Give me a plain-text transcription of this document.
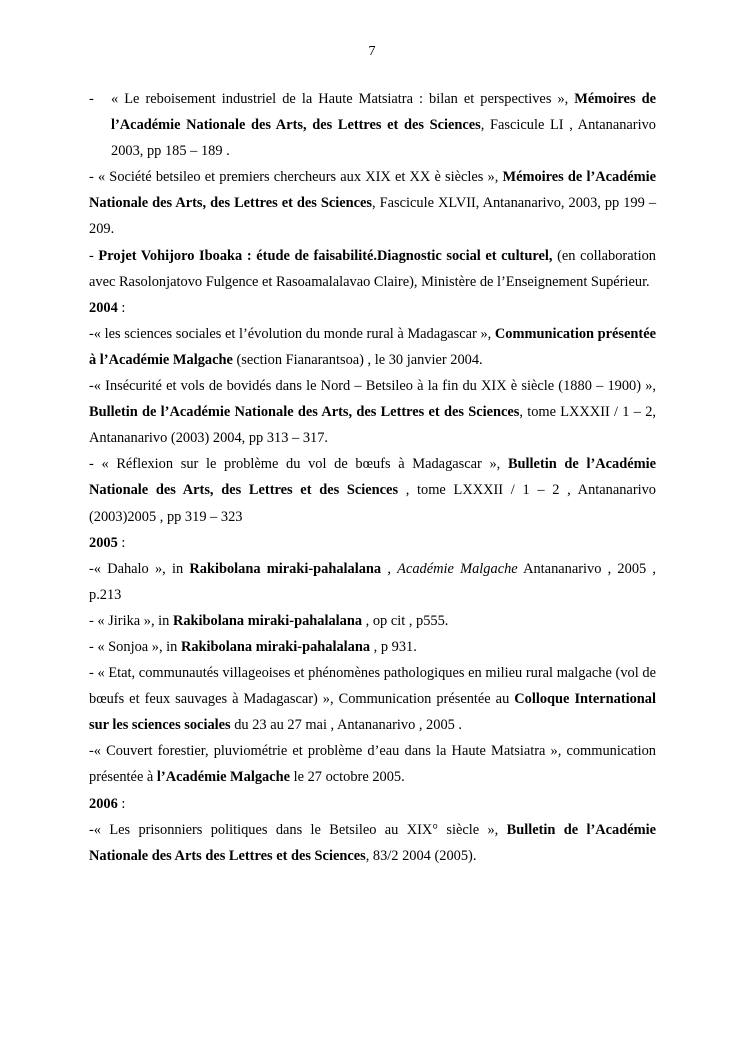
7
-	« Le reboisement industriel de la Haute Matsiatra : bilan et perspectives », Mémoires de l’Académie Nationale des Arts, des Lettres et des Sciences, Fascicule LI , Antananarivo 2003, pp 185 – 189 .

- « Société betsileo et premiers chercheurs aux XIX et XX è siècles », Mémoires de l’Académie Nationale des Arts, des Lettres et des Sciences, Fascicule XLVII, Antananarivo, 2003, pp 199 – 209.

- Projet Vohijoro Iboaka : étude de faisabilité.Diagnostic social et culturel, (en collaboration avec Rasolonjatovo Fulgence et Rasoamalalavao Claire), Ministère de l’Enseignement Supérieur.

2004 :

-« les sciences sociales et l’évolution du monde rural à Madagascar », Communication présentée à l’Académie Malgache (section Fianarantsoa) , le 30 janvier 2004.

-« Insécurité et vols de bovidés dans le Nord – Betsileo à la fin du XIX è siècle (1880 – 1900) », Bulletin de l’Académie Nationale des Arts, des Lettres et des Sciences, tome LXXXII / 1 – 2, Antananarivo (2003) 2004, pp 313 – 317.

- « Réflexion sur le problème du vol de bœufs à Madagascar », Bulletin de l’Académie Nationale des Arts, des Lettres et des Sciences , tome LXXXII / 1 – 2 , Antananarivo (2003)2005 , pp 319 – 323

2005 :

-« Dahalo », in Rakibolana miraki-pahalalana , Académie Malgache Antananarivo , 2005 , p.213

- « Jirika », in Rakibolana miraki-pahalalana , op cit , p555.

- « Sonjoa », in Rakibolana miraki-pahalalana , p 931.

- « Etat, communautés villageoises et phénomènes pathologiques en milieu rural malgache (vol de bœufs et feux sauvages à Madagascar) », Communication présentée au Colloque International sur les sciences sociales du 23 au 27 mai , Antananarivo , 2005 .

-« Couvert forestier, pluviométrie et problème d’eau dans la Haute Matsiatra », communication présentée à l’Académie Malgache le 27 octobre 2005.

2006 :

-« Les prisonniers politiques dans le Betsileo au XIX° siècle », Bulletin de l’Académie Nationale des Arts des Lettres et des Sciences, 83/2 2004 (2005).
